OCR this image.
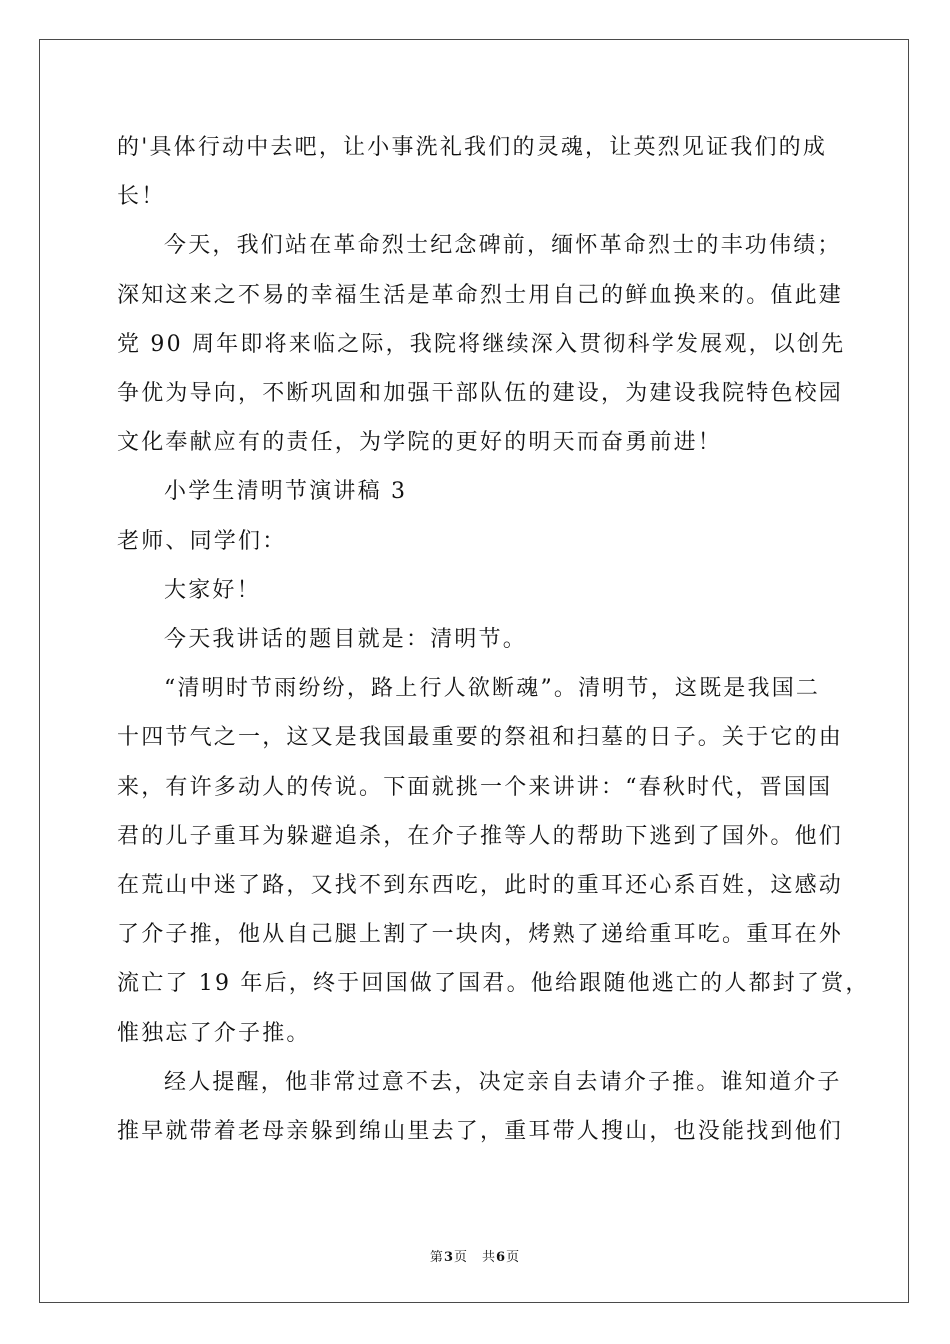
的'具体行动中去吧，让小事洗礼我们的灵魂，让英烈见证我们的成

长！

今天，我们站在革命烈士纪念碑前，缅怀革命烈士的丰功伟绩；

深知这来之不易的幸福生活是革命烈士用自己的鲜血换来的。值此建

党 90 周年即将来临之际，我院将继续深入贯彻科学发展观，以创先

争优为导向，不断巩固和加强干部队伍的建设，为建设我院特色校园

文化奉献应有的责任，为学院的更好的明天而奋勇前进！

小学生清明节演讲稿 3

老师、同学们：

大家好！

今天我讲话的题目就是：清明节。

“清明时节雨纷纷，路上行人欲断魂”。清明节，这既是我国二

十四节气之一，这又是我国最重要的祭祖和扫墓的日子。关于它的由

来，有许多动人的传说。下面就挑一个来讲讲：“春秋时代，晋国国

君的儿子重耳为躲避追杀，在介子推等人的帮助下逃到了国外。他们

在荒山中迷了路，又找不到东西吃，此时的重耳还心系百姓，这感动

了介子推，他从自己腿上割了一块肉，烤熟了递给重耳吃。重耳在外

流亡了 19 年后，终于回国做了国君。他给跟随他逃亡的人都封了赏，

惟独忘了介子推。

经人提醒，他非常过意不去，决定亲自去请介子推。谁知道介子

推早就带着老母亲躲到绵山里去了，重耳带人搜山，也没能找到他们

第3页 共6页
